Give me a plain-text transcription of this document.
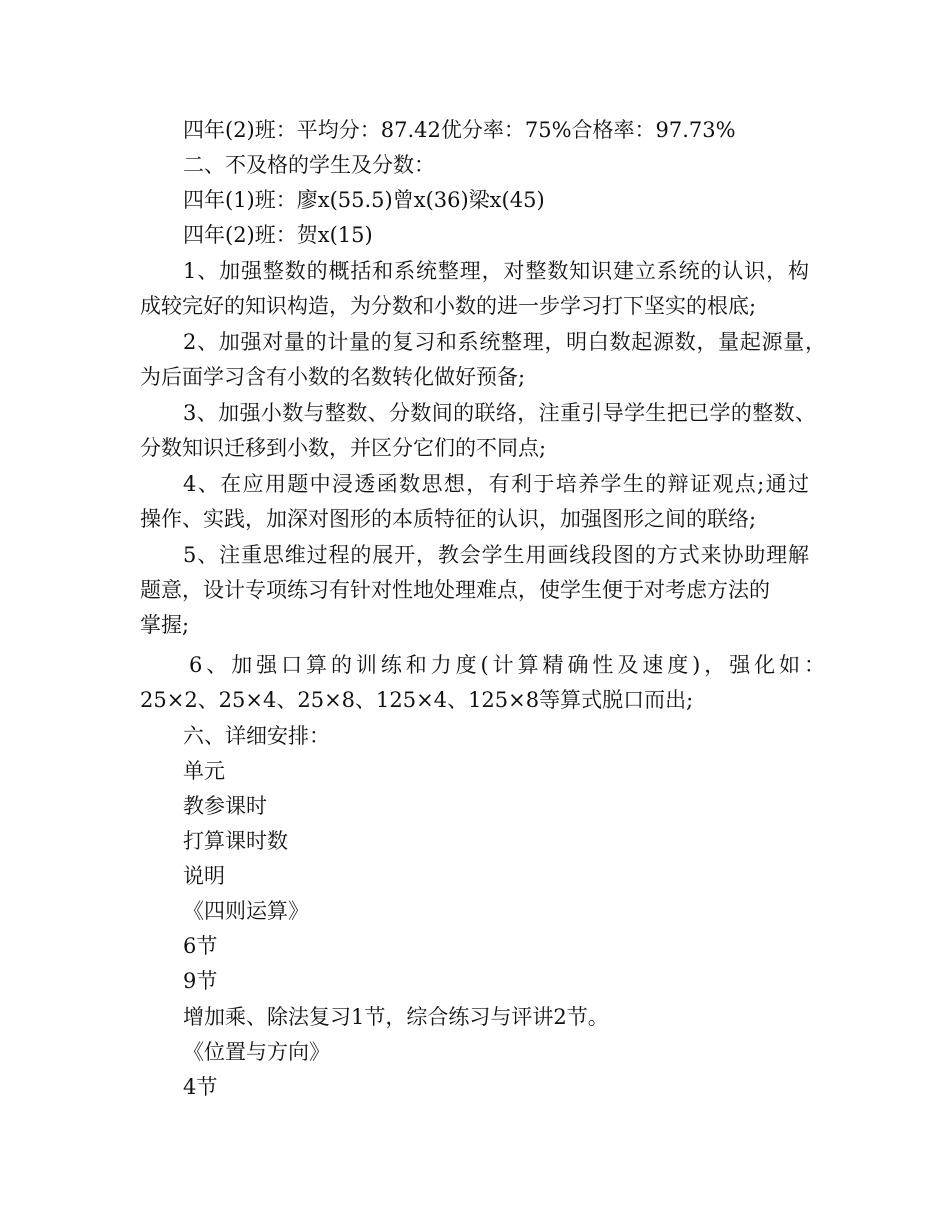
四年(2)班：平均分：87.42优分率：75%合格率：97.73%
二、不及格的学生及分数：
四年(1)班：廖x(55.5)曾x(36)梁x(45)
四年(2)班：贺x(15)
1、加强整数的概括和系统整理，对整数知识建立系统的认识，构
成较完好的知识构造，为分数和小数的进一步学习打下坚实的根底;
2、加强对量的计量的复习和系统整理，明白数起源数，量起源量，
为后面学习含有小数的名数转化做好预备;
3、加强小数与整数、分数间的联络，注重引导学生把已学的整数、
分数知识迁移到小数，并区分它们的不同点;
4、在应用题中浸透函数思想，有利于培养学生的辩证观点;通过
操作、实践，加深对图形的本质特征的认识，加强图形之间的联络;
5、注重思维过程的展开，教会学生用画线段图的方式来协助理解
题意，设计专项练习有针对性地处理难点，使学生便于对考虑方法的
掌握;
6、加强口算的训练和力度(计算精确性及速度)，强化如：
25×2、25×4、25×8、125×4、125×8等算式脱口而出;
六、详细安排：
单元
教参课时
打算课时数
说明
《四则运算》
6节
9节
增加乘、除法复习1节，综合练习与评讲2节。
《位置与方向》
4节
